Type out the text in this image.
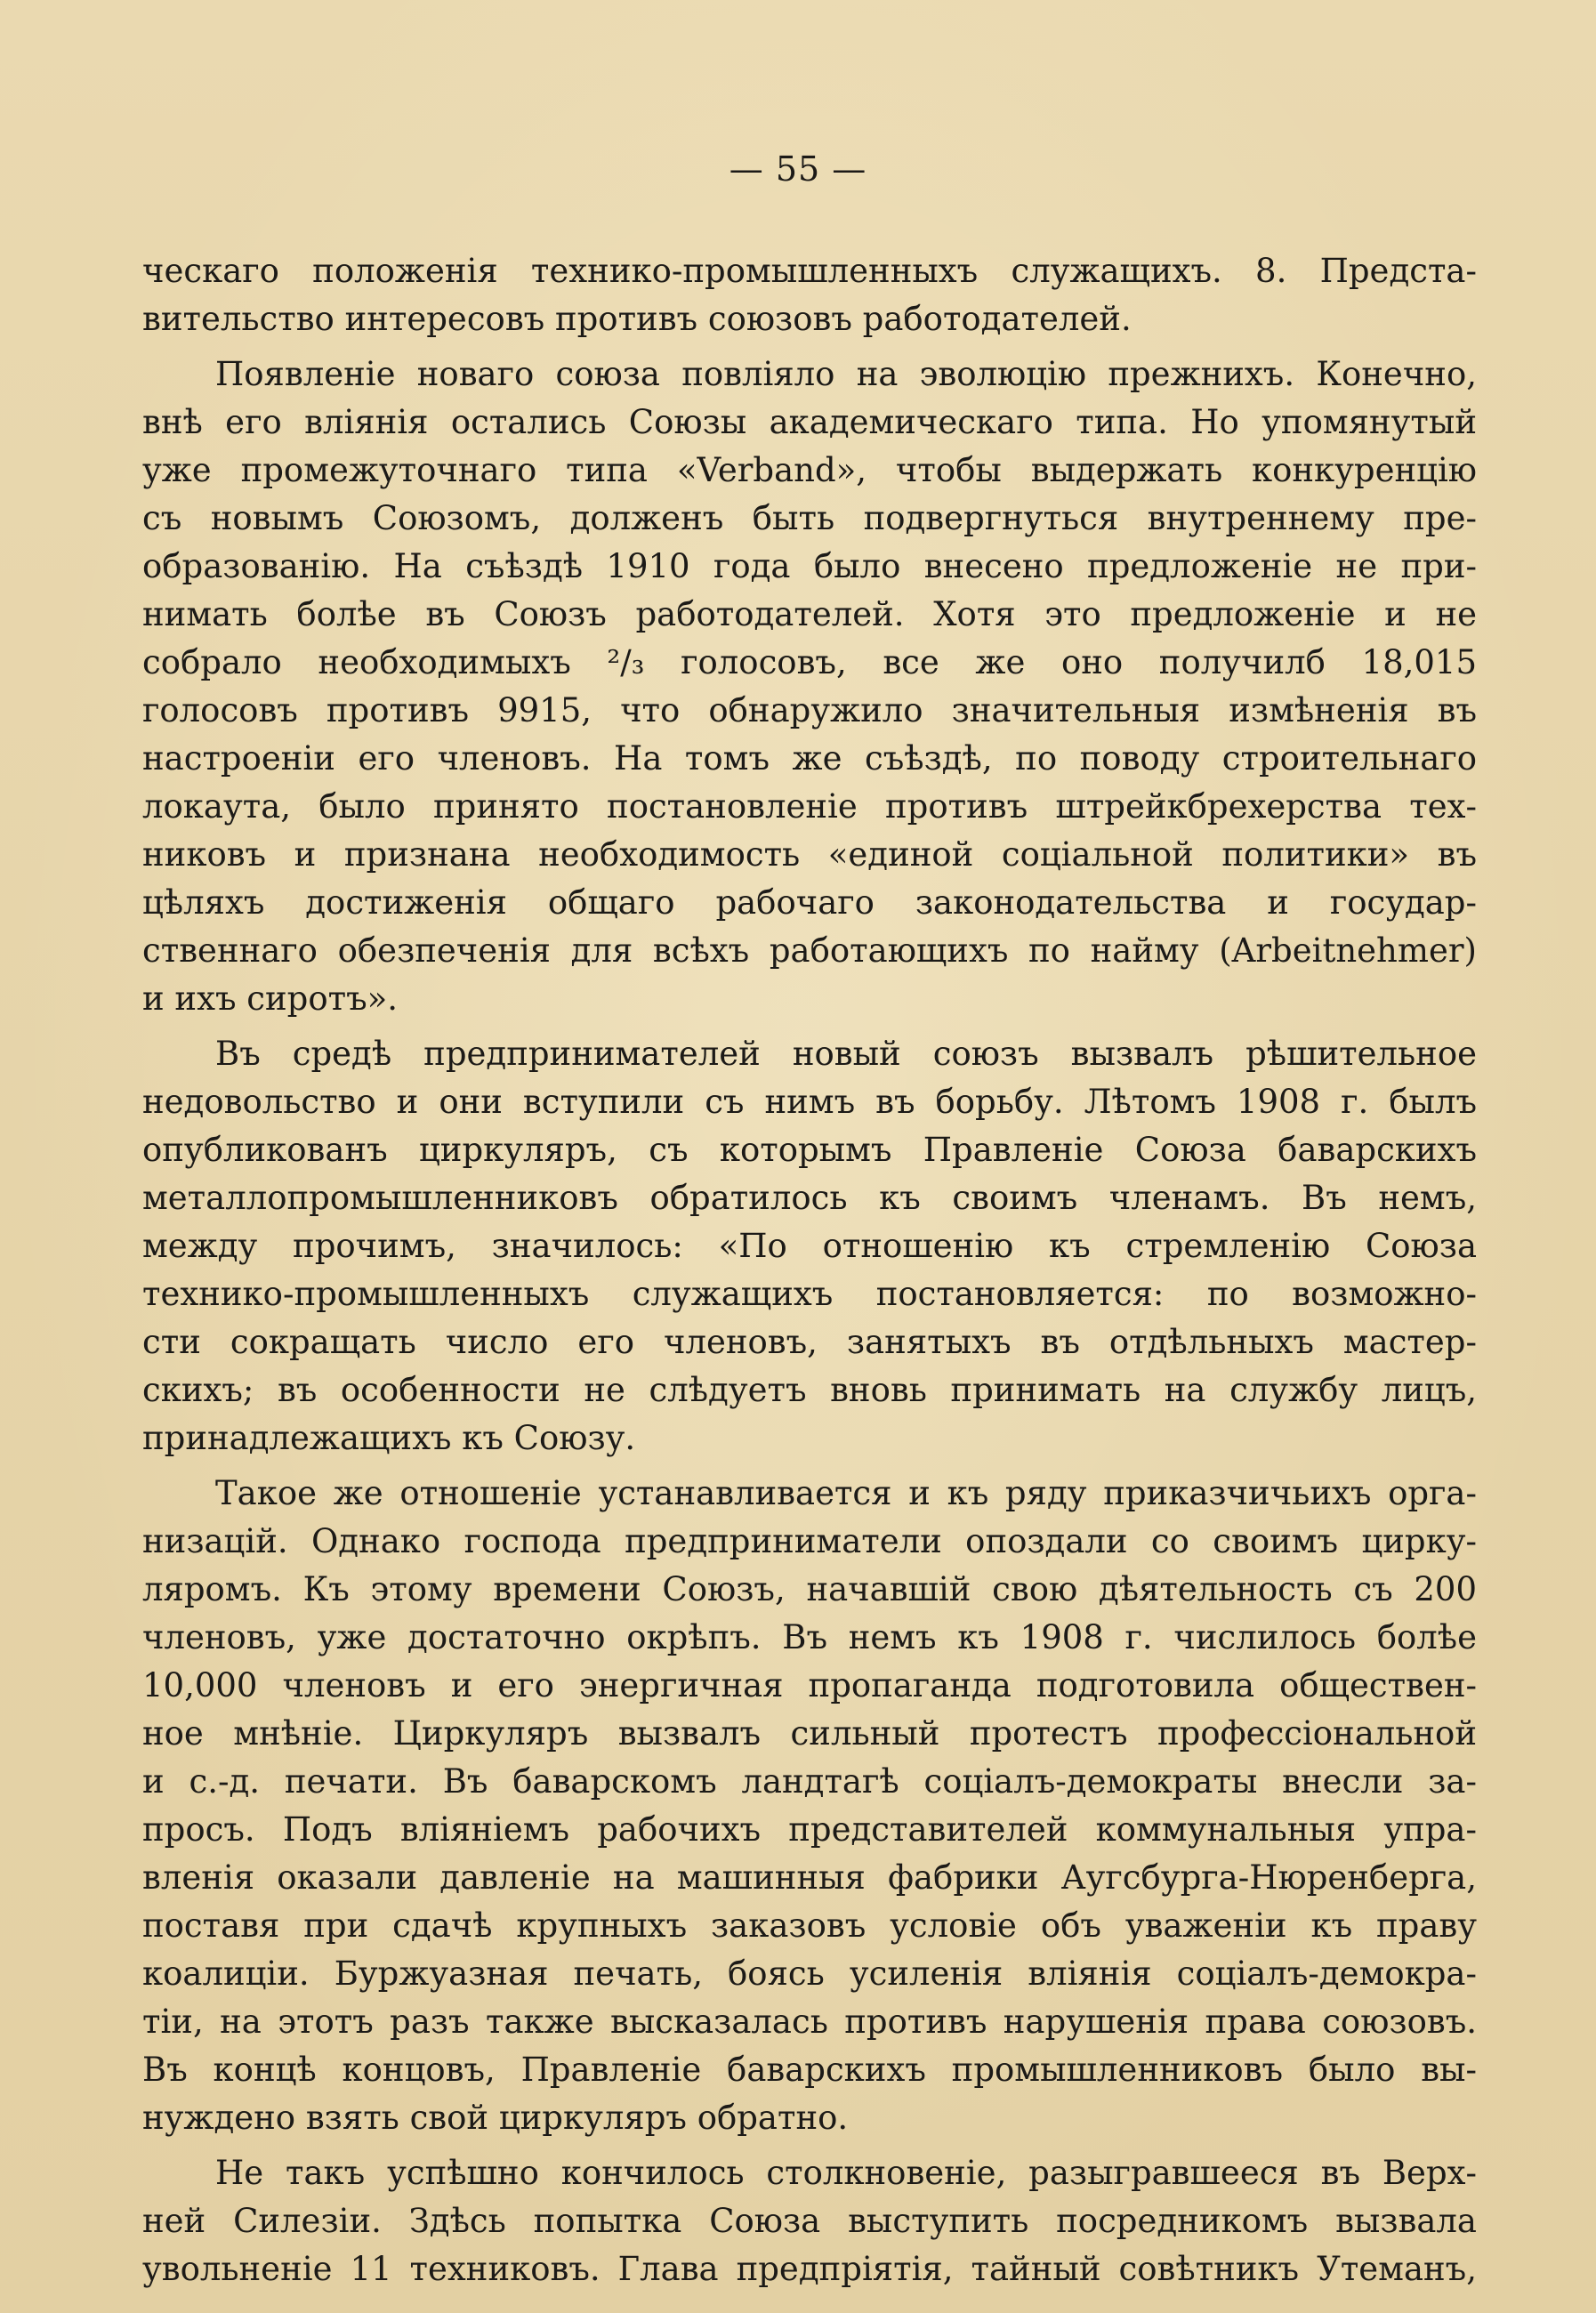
— 55 —
ческаго положенія технико-промышленныхъ служащихъ. 8. Предста-
вительство интересовъ противъ союзовъ работодателей.
Появленіе новаго союза повліяло на эволюцію прежнихъ. Конечно,
внѣ его вліянія остались Союзы академическаго типа. Но упомянутый
уже промежуточнаго типа «Verband», чтобы выдержать конкуренцію
съ новымъ Союзомъ, долженъ быть подвергнуться внутреннему пре-
образованію. На съѣздѣ 1910 года было внесено предложеніе не при-
нимать болѣе въ Союзъ работодателей. Хотя это предложеніе и не
собрало необходимыхъ ²/₃ голосовъ, все же оно получилб 18,015
голосовъ противъ 9915, что обнаружило значительныя измѣненія въ
настроеніи его членовъ. На томъ же съѣздѣ, по поводу строительнаго
локаута, было принято постановленіе противъ штрейкбрехерства тех-
никовъ и признана необходимость «единой соціальной политики» въ
цѣляхъ достиженія общаго рабочаго законодательства и государ-
ственнаго обезпеченія для всѣхъ работающихъ по найму (Arbeitnehmer)
и ихъ сиротъ».
Въ средѣ предпринимателей новый союзъ вызвалъ рѣшительное
недовольство и они вступили съ нимъ въ борьбу. Лѣтомъ 1908 г. былъ
опубликованъ циркуляръ, съ которымъ Правленіе Союза баварскихъ
металлопромышленниковъ обратилось къ своимъ членамъ. Въ немъ,
между прочимъ, значилось: «По отношенію къ стремленію Союза
технико-промышленныхъ служащихъ постановляется: по возможно-
сти сокращать число его членовъ, занятыхъ въ отдѣльныхъ мастер-
скихъ; въ особенности не слѣдуетъ вновь принимать на службу лицъ,
принадлежащихъ къ Союзу.
Такое же отношеніе устанавливается и къ ряду приказчичьихъ орга-
низацій. Однако господа предприниматели опоздали со своимъ цирку-
ляромъ. Къ этому времени Союзъ, начавшій свою дѣятельность съ 200
членовъ, уже достаточно окрѣпъ. Въ немъ къ 1908 г. числилось болѣе
10,000 членовъ и его энергичная пропаганда подготовила обществен-
ное мнѣніе. Циркуляръ вызвалъ сильный протестъ профессіональной
и с.-д. печати. Въ баварскомъ ландтагѣ соціалъ-демократы внесли за-
просъ. Подъ вліяніемъ рабочихъ представителей коммунальныя упра-
вленія оказали давленіе на машинныя фабрики Аугсбурга-Нюренберга,
поставя при сдачѣ крупныхъ заказовъ условіе объ уваженіи къ праву
коалиціи. Буржуазная печать, боясь усиленія вліянія соціалъ-демокра-
тіи, на этотъ разъ также высказалась противъ нарушенія права союзовъ.
Въ концѣ концовъ, Правленіе баварскихъ промышленниковъ было вы-
нуждено взять свой циркуляръ обратно.
Не такъ успѣшно кончилось столкновеніе, разыгравшееся въ Верх-
ней Силезіи. Здѣсь попытка Союза выступить посредникомъ вызвала
увольненіе 11 техниковъ. Глава предпріятія, тайный совѣтникъ Утеманъ,
